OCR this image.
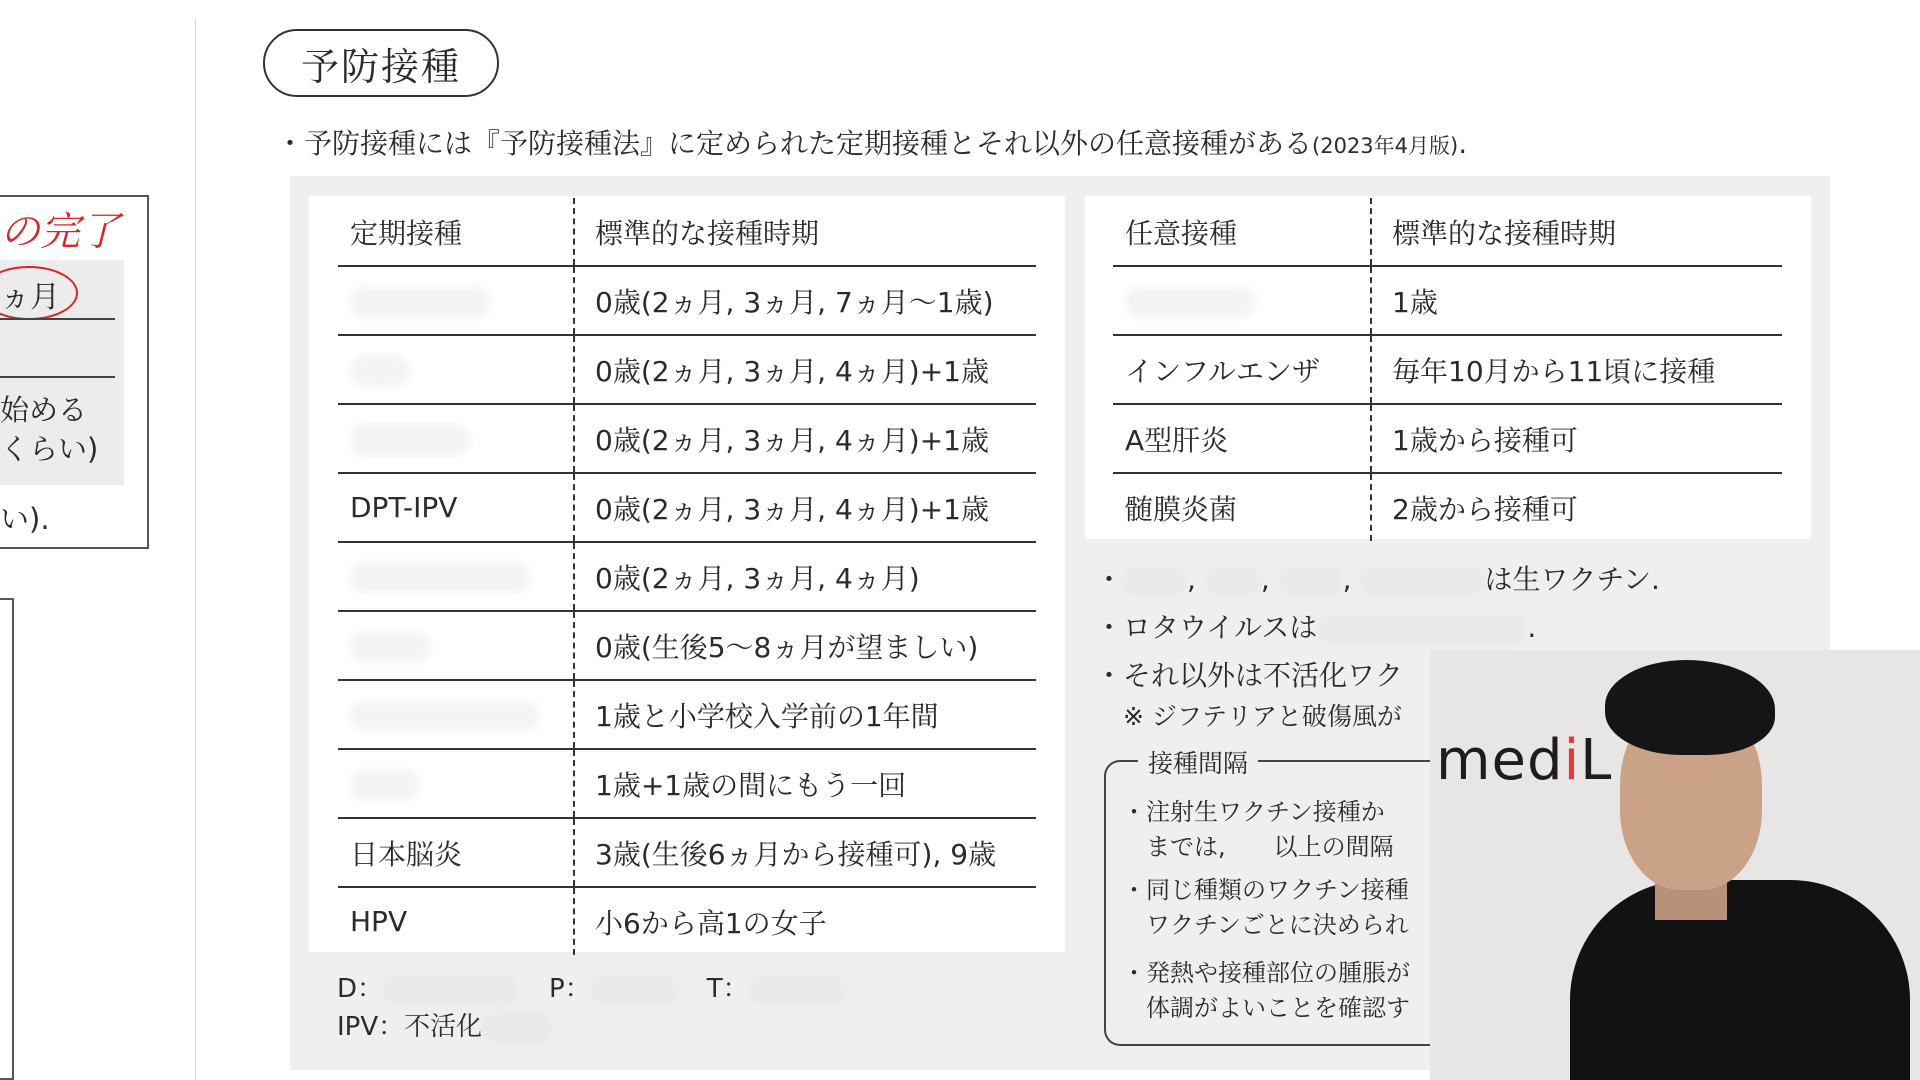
の完了
ヵ月
始める
くらい)
い).
予防接種
・予防接種には『予防接種法』に定められた定期接種とそれ以外の任意接種がある(2023年4月版).
定期接種	標準的な接種時期
	0歳(2ヵ月, 3ヵ月, 7ヵ月〜1歳)
	0歳(2ヵ月, 3ヵ月, 4ヵ月)+1歳
	0歳(2ヵ月, 3ヵ月, 4ヵ月)+1歳
DPT-IPV	0歳(2ヵ月, 3ヵ月, 4ヵ月)+1歳
	0歳(2ヵ月, 3ヵ月, 4ヵ月)
	0歳(生後5〜8ヵ月が望ましい)
	1歳と小学校入学前の1年間
	1歳+1歳の間にもう一回
日本脳炎	3歳(生後6ヵ月から接種可), 9歳
HPV	小6から高1の女子
任意接種	標準的な接種時期
	1歳
インフルエンザ	毎年10月から11頃に接種
A型肝炎	1歳から接種可
髄膜炎菌	2歳から接種可
D：	P：	T：
IPV：不活化
・ , , ,	は生ワクチン.
・ロタウイルスは	.
・それ以外は不活化ワク
※ ジフテリアと破傷風が
接種間隔
・注射生ワクチン接種か
までは,　　以上の間隔
・同じ種類のワクチン接種
ワクチンごとに決められ
・発熱や接種部位の腫脹が
体調がよいことを確認す
mediL
